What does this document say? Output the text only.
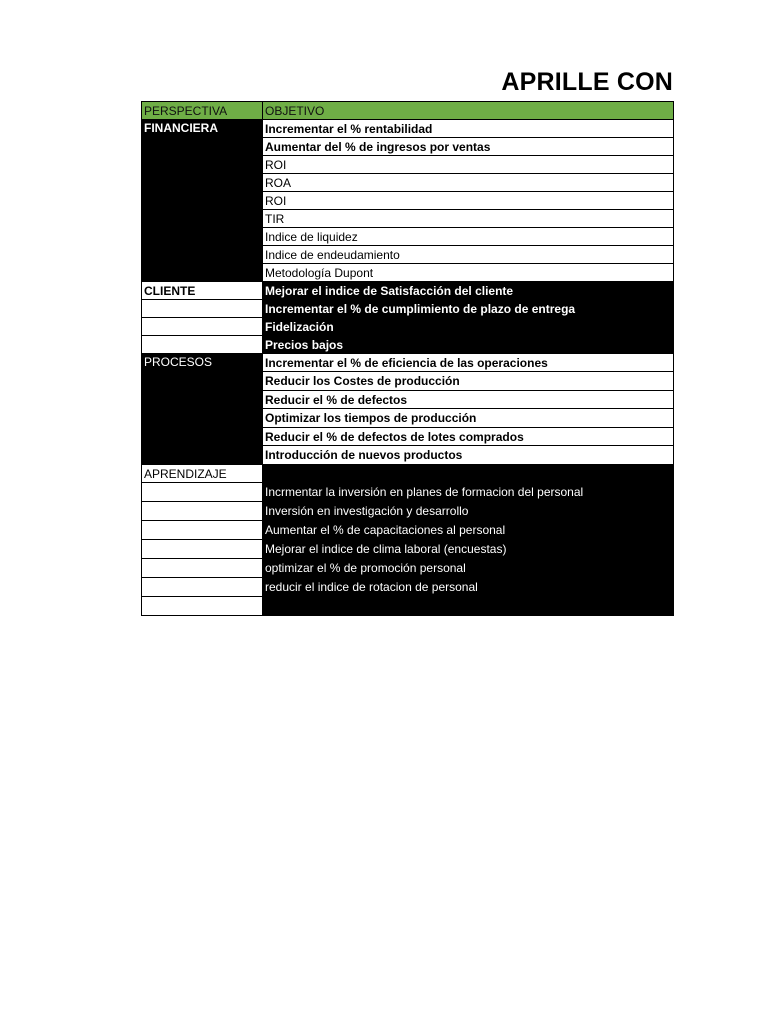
APRILLE CON
PERSPECTIVA	OBJETIVO
FINANCIERA	Incrementar el % rentabilidad
	Aumentar del % de ingresos por ventas
	ROI
	ROA
	ROI
	TIR
	Indice de liquidez
	Indice de endeudamiento
	Metodología Dupont
CLIENTE	Mejorar el indice de Satisfacción del cliente
	Incrementar el % de cumplimiento de plazo de entrega
	Fidelización
	Precios bajos
PROCESOS	Incrementar el % de eficiencia de las operaciones
	Reducir los Costes de producción
	Reducir el % de defectos
	Optimizar los tiempos de producción
	Reducir el % de defectos de lotes comprados
	Introducción de nuevos productos
APRENDIZAJE	
	Incrmentar la inversión en planes de formacion del personal
	Inversión en investigación y desarrollo
	Aumentar el % de capacitaciones al personal
	Mejorar el indice de clima laboral (encuestas)
	optimizar el % de promoción personal
	reducir el indice de rotacion de personal
